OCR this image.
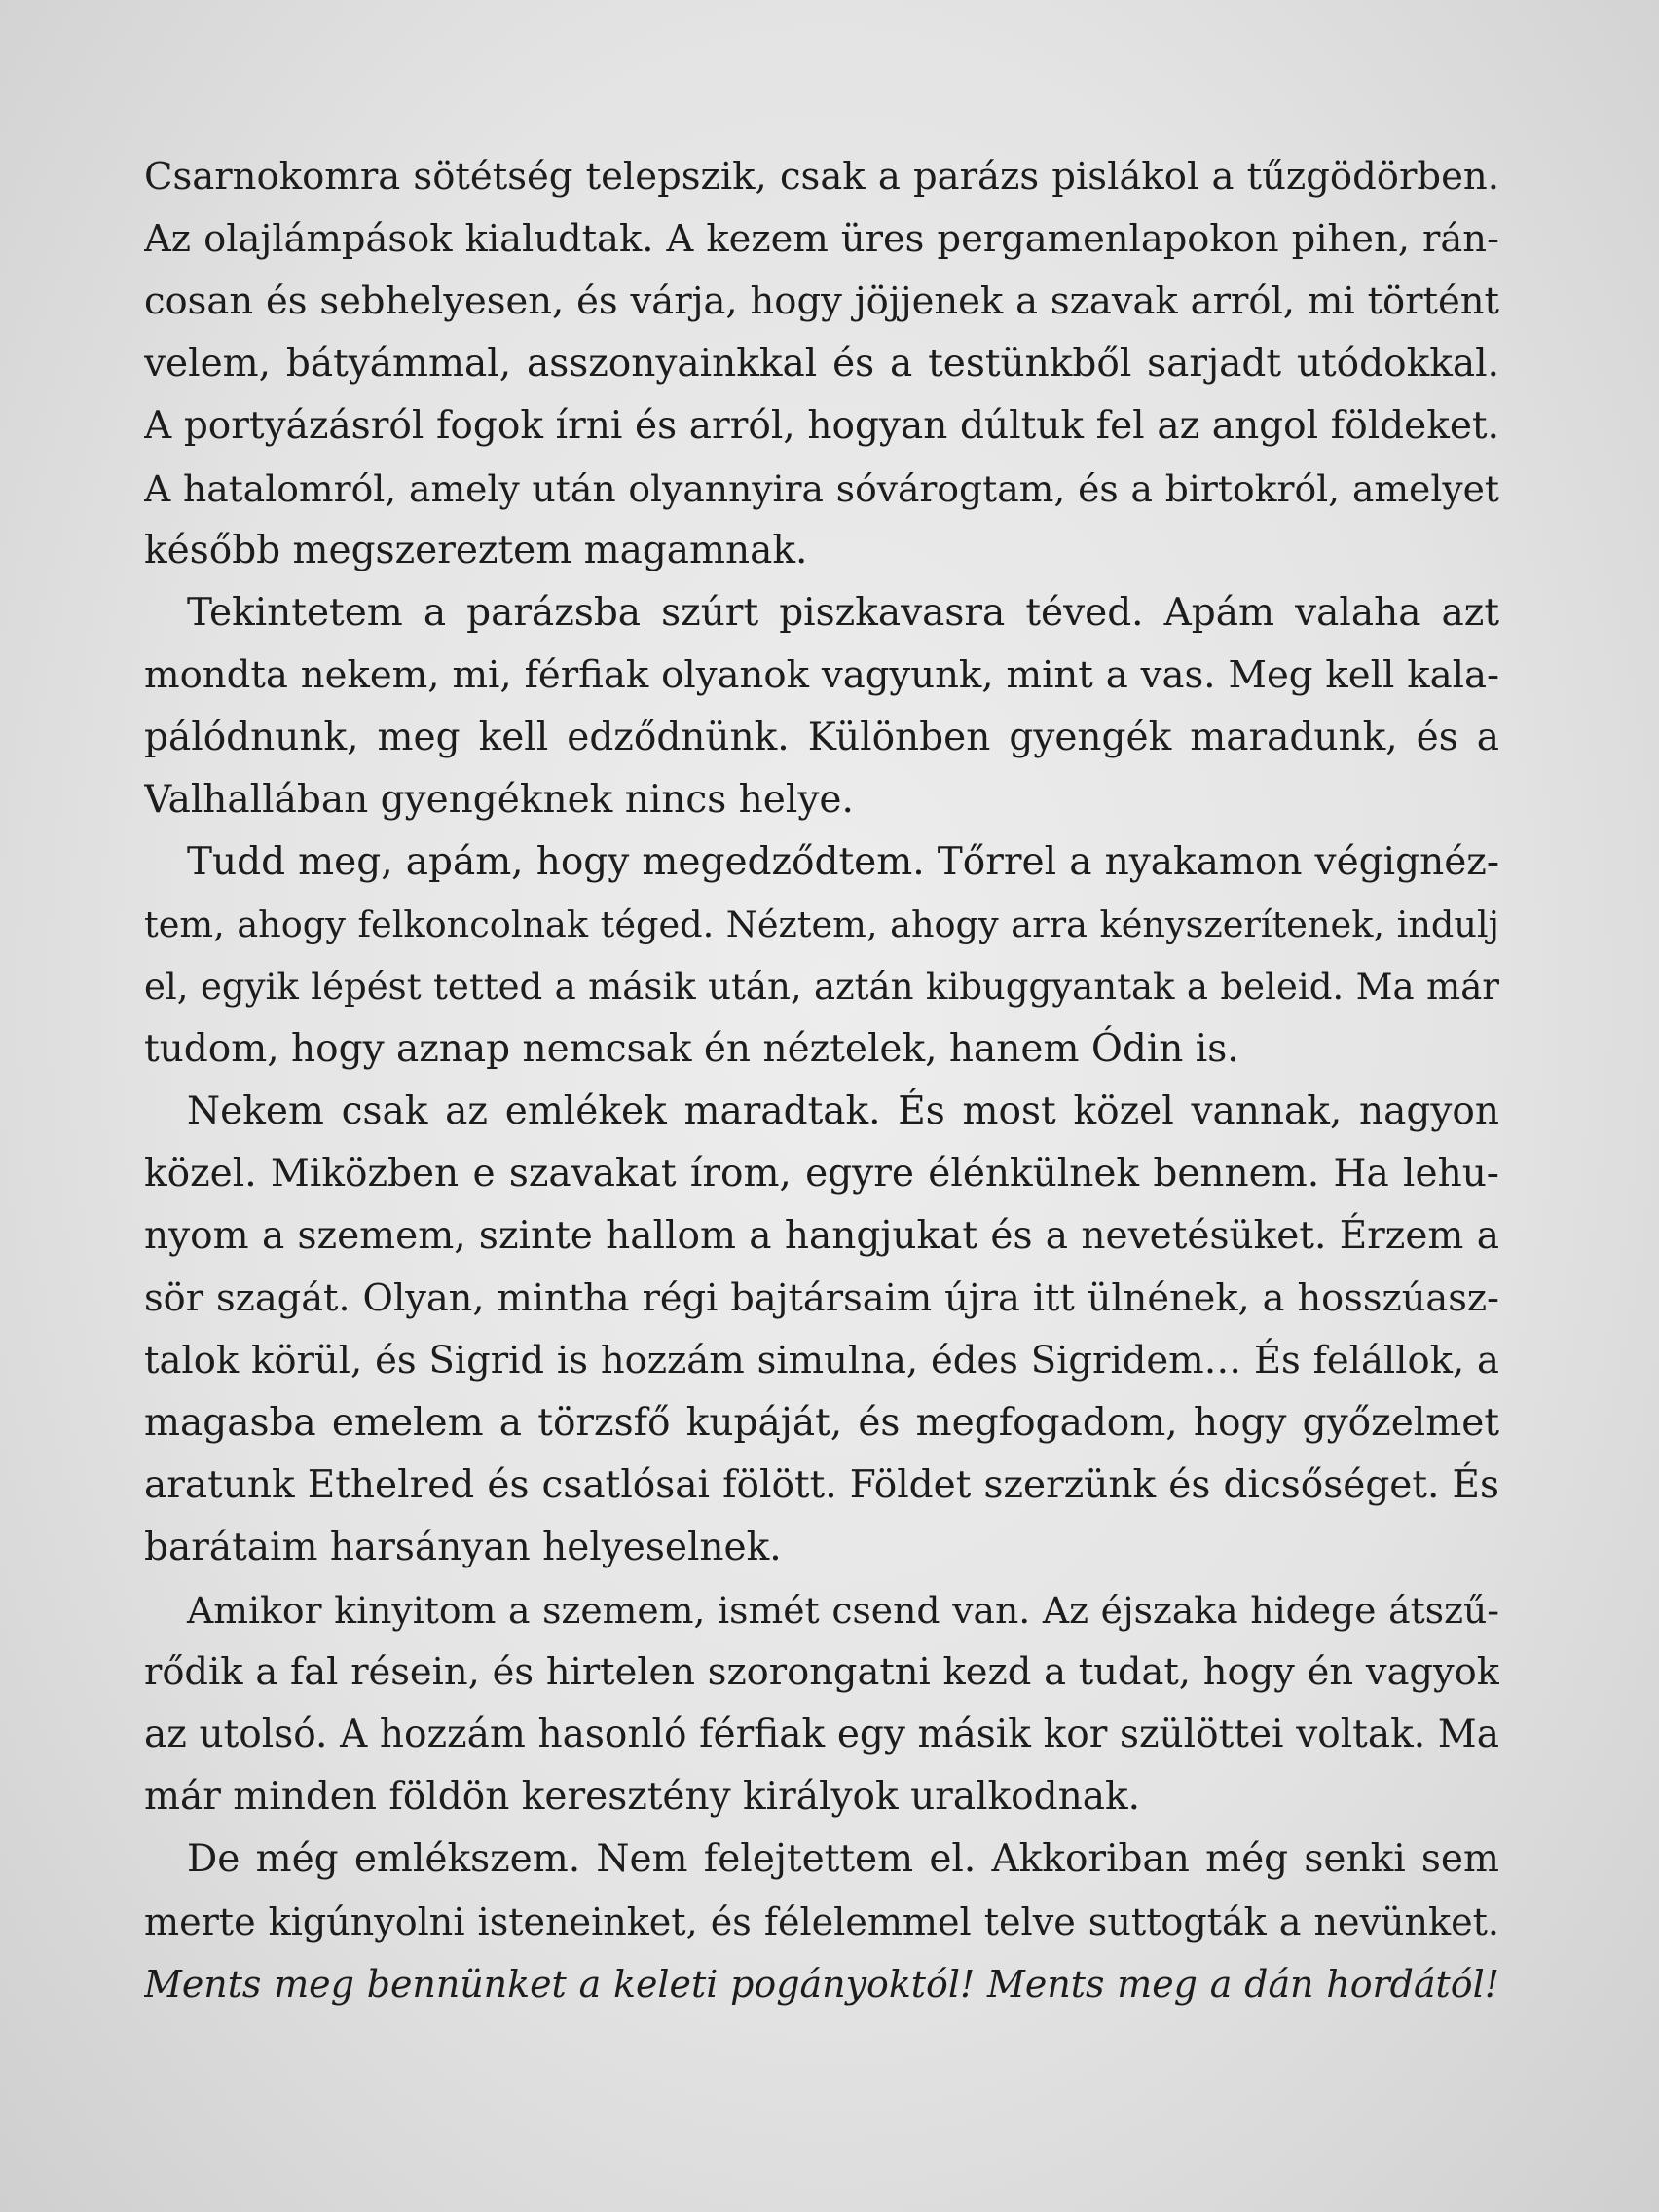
Csarnokomra sötétség telepszik, csak a parázs pislákol a tűzgödörben.
Az olajlámpások kialudtak. A kezem üres pergamenlapokon pihen, rán-
cosan és sebhelyesen, és várja, hogy jöjjenek a szavak arról, mi történt
velem, bátyámmal, asszonyainkkal és a testünkből sarjadt utódokkal.
A portyázásról fogok írni és arról, hogyan dúltuk fel az angol földeket.
A hatalomról, amely után olyannyira sóvárogtam, és a birtokról, amelyet
később megszereztem magamnak.
Tekintetem a parázsba szúrt piszkavasra téved. Apám valaha azt
mondta nekem, mi, férfiak olyanok vagyunk, mint a vas. Meg kell kala-
pálódnunk, meg kell edződnünk. Különben gyengék maradunk, és a
Valhallában gyengéknek nincs helye.
Tudd meg, apám, hogy megedződtem. Tőrrel a nyakamon végignéz-
tem, ahogy felkoncolnak téged. Néztem, ahogy arra kényszerítenek, indulj
el, egyik lépést tetted a másik után, aztán kibuggyantak a beleid. Ma már
tudom, hogy aznap nemcsak én néztelek, hanem Ódin is.
Nekem csak az emlékek maradtak. És most közel vannak, nagyon
közel. Miközben e szavakat írom, egyre élénkülnek bennem. Ha lehu-
nyom a szemem, szinte hallom a hangjukat és a nevetésüket. Érzem a
sör szagát. Olyan, mintha régi bajtársaim újra itt ülnének, a hosszúasz-
talok körül, és Sigrid is hozzám simulna, édes Sigridem… És felállok, a
magasba emelem a törzsfő kupáját, és megfogadom, hogy győzelmet
aratunk Ethelred és csatlósai fölött. Földet szerzünk és dicsőséget. És
barátaim harsányan helyeselnek.
Amikor kinyitom a szemem, ismét csend van. Az éjszaka hidege átszű-
rődik a fal résein, és hirtelen szorongatni kezd a tudat, hogy én vagyok
az utolsó. A hozzám hasonló férfiak egy másik kor szülöttei voltak. Ma
már minden földön keresztény királyok uralkodnak.
De még emlékszem. Nem felejtettem el. Akkoriban még senki sem
merte kigúnyolni isteneinket, és félelemmel telve suttogták a nevünket.
Ments meg bennünket a keleti pogányoktól! Ments meg a dán hordától!
